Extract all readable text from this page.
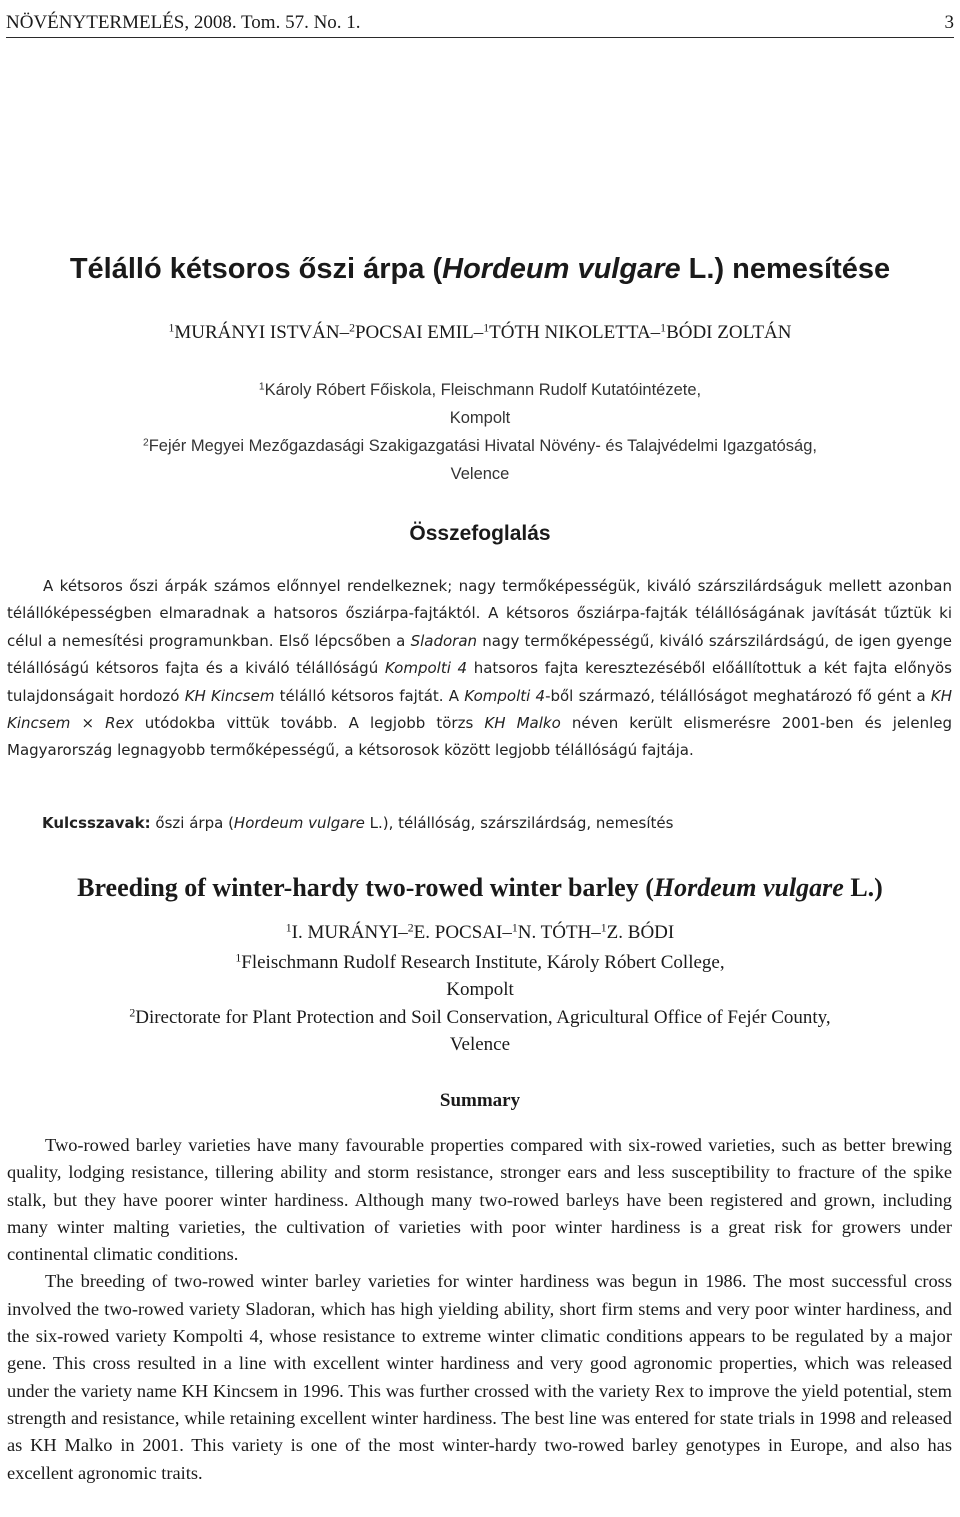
NÖVÉNYTERMELÉS, 2008. Tom. 57. No. 1.	3
Télálló kétsoros őszi árpa (Hordeum vulgare L.) nemesítése
$^1$MURÁNYI ISTVÁN–$^2$POCSAI EMIL–$^1$TÓTH NIKOLETTA–$^1$BÓDI ZOLTÁN
$^1$Károly Róbert Főiskola, Fleischmann Rudolf Kutatóintézete,
Kompolt
$^2$Fejér Megyei Mezőgazdasági Szakigazgatási Hivatal Növény- és Talajvédelmi Igazgatóság,
Velence
Összefoglalás

A kétsoros őszi árpák számos előnnyel rendelkeznek; nagy termőképességük, kiváló szárszilárdságuk mellett azonban télállóképességben elmaradnak a hatsoros ősziárpa-fajtáktól. A kétsoros ősziárpa-fajták télállóságának javítását tűztük ki célul a nemesítési programunkban. Első lépcsőben a Sladoran nagy termőképességű, kiváló szárszilárdságú, de igen gyenge télállóságú kétsoros fajta és a kiváló télállóságú Kompolti 4 hatsoros fajta keresztezéséből előállítottuk a két fajta előnyös tulajdonságait hordozó KH Kincsem télálló kétsoros fajtát. A Kompolti 4-ből származó, télállóságot meghatározó fő gént a KH Kincsem × Rex utódokba vittük tovább. A legjobb törzs KH Malko néven került elismerésre 2001-ben és jelenleg Magyarország legnagyobb termőképességű, a kétsorosok között legjobb télállóságú fajtája.

Kulcsszavak: őszi árpa (Hordeum vulgare L.), télállóság, szárszilárdság, nemesítés
Breeding of winter-hardy two-rowed winter barley (Hordeum vulgare L.)
$^1$I. MURÁNYI–$^2$E. POCSAI–$^1$N. TÓTH–$^1$Z. BÓDI
$^1$Fleischmann Rudolf Research Institute, Károly Róbert College,
Kompolt
$^2$Directorate for Plant Protection and Soil Conservation, Agricultural Office of Fejér County,
Velence
Summary

Two-rowed barley varieties have many favourable properties compared with six-rowed varieties, such as better brewing quality, lodging resistance, tillering ability and storm resistance, stronger ears and less susceptibility to fracture of the spike stalk, but they have poorer winter hardiness. Although many two-rowed barleys have been registered and grown, including many winter malting varieties, the cultivation of varieties with poor winter hardiness is a great risk for growers under continental climatic conditions.

The breeding of two-rowed winter barley varieties for winter hardiness was begun in 1986. The most successful cross involved the two-rowed variety Sladoran, which has high yielding ability, short firm stems and very poor winter hardiness, and the six-rowed variety Kompolti 4, whose resistance to extreme winter climatic conditions appears to be regulated by a major gene. This cross resulted in a line with excellent winter hardiness and very good agronomic properties, which was released under the variety name KH Kincsem in 1996. This was further crossed with the variety Rex to improve the yield potential, stem strength and resistance, while retaining excellent winter hardiness. The best line was entered for state trials in 1998 and released as KH Malko in 2001. This variety is one of the most winter-hardy two-rowed barley genotypes in Europe, and also has excellent agronomic traits.
